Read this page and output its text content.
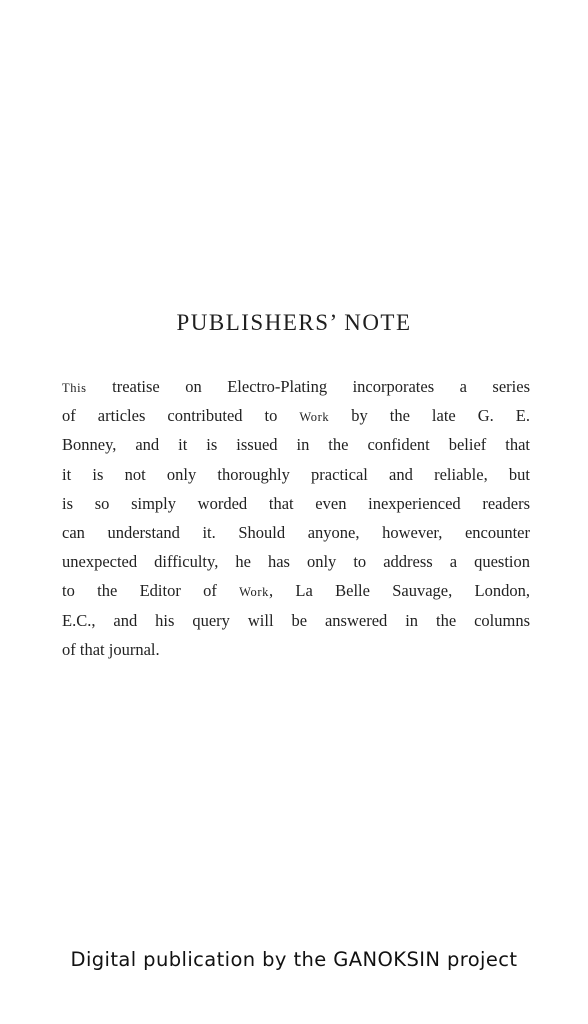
PUBLISHERS’ NOTE
This treatise on Electro-Plating incorporates a series
of articles contributed to Work by the late G. E.
Bonney, and it is issued in the confident belief that
it is not only thoroughly practical and reliable, but
is so simply worded that even inexperienced readers
can understand it. Should anyone, however, encounter
unexpected difficulty, he has only to address a question
to the Editor of Work, La Belle Sauvage, London,
E.C., and his query will be answered in the columns
of that journal.
Digital publication by the GANOKSIN project
